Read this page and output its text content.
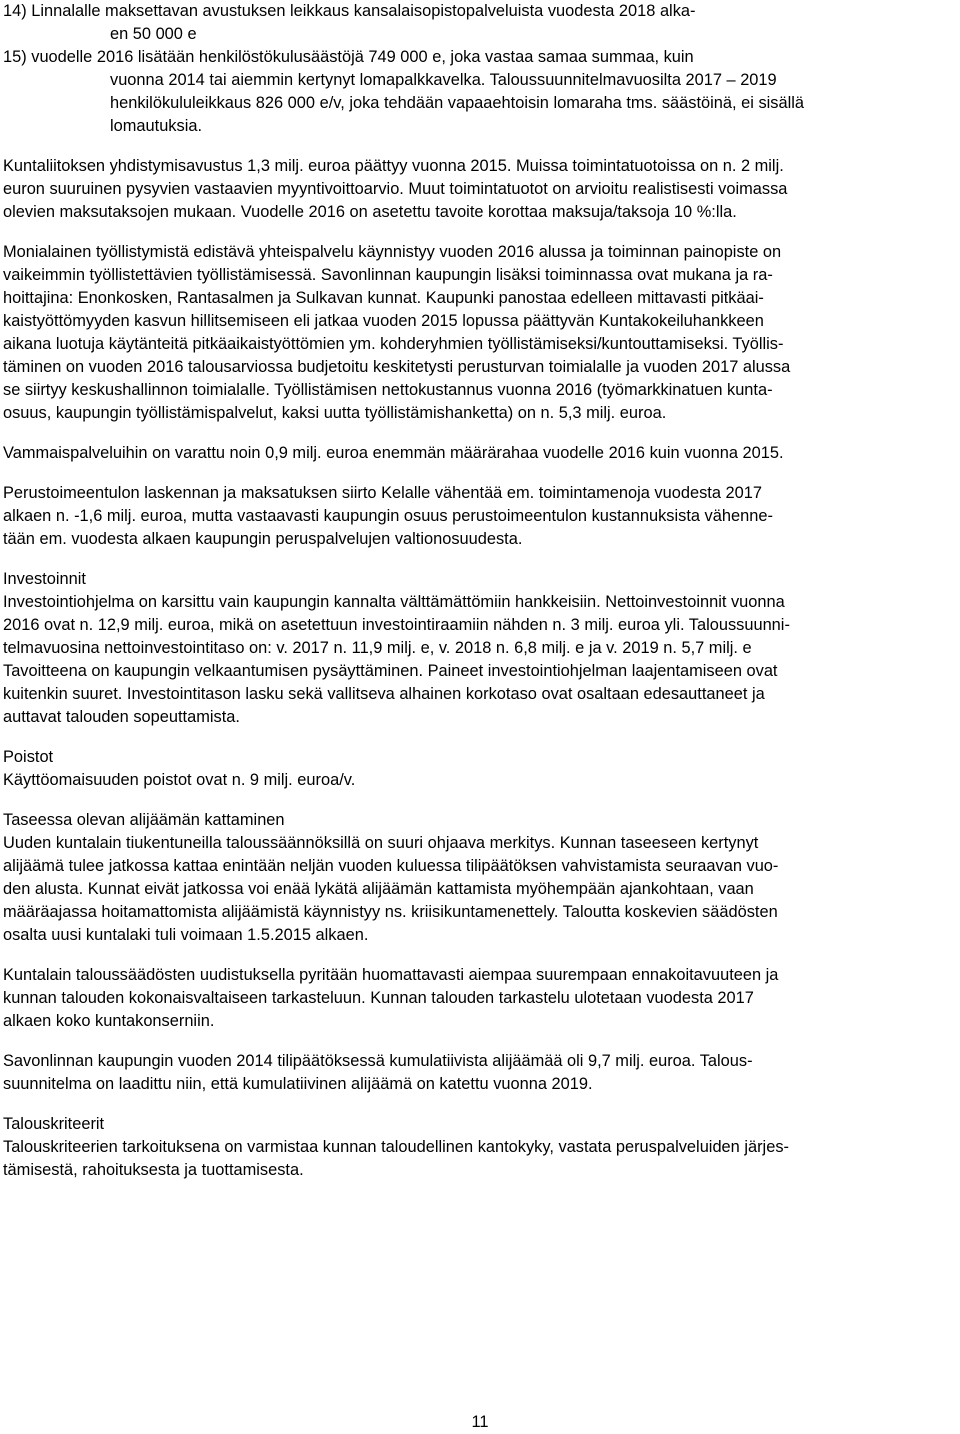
14) Linnalalle maksettavan avustuksen leikkaus kansalaisopistopalveluista vuodesta 2018 alka-
en 50 000 e
15) vuodelle 2016 lisätään henkilöstökulusäästöjä 749 000 e, joka vastaa samaa summaa, kuin
vuonna 2014 tai aiemmin kertynyt lomapalkkavelka. Taloussuunnitelmavuosilta 2017 – 2019
henkilökululeikkaus 826 000 e/v, joka tehdään vapaaehtoisin lomaraha tms. säästöinä, ei sisällä
lomautuksia.
Kuntaliitoksen yhdistymisavustus 1,3 milj. euroa päättyy vuonna 2015. Muissa toimintatuotoissa on n. 2 milj.
euron suuruinen pysyvien vastaavien myyntivoittoarvio. Muut toimintatuotot on arvioitu realistisesti voimassa
olevien maksutaksojen mukaan. Vuodelle 2016 on asetettu tavoite korottaa maksuja/taksoja 10 %:lla.
Monialainen työllistymistä edistävä yhteispalvelu käynnistyy vuoden 2016 alussa ja toiminnan painopiste on
vaikeimmin työllistettävien työllistämisessä. Savonlinnan kaupungin lisäksi toiminnassa ovat mukana ja ra-
hoittajina: Enonkosken, Rantasalmen ja Sulkavan kunnat. Kaupunki panostaa edelleen mittavasti pitkäai-
kaistyöttömyyden kasvun hillitsemiseen eli jatkaa vuoden 2015 lopussa päättyvän Kuntakokeiluhankkeen
aikana luotuja käytänteitä pitkäaikaistyöttömien ym. kohderyhmien työllistämiseksi/kuntouttamiseksi. Työllis-
täminen on vuoden 2016 talousarviossa budjetoitu keskitetysti perusturvan toimialalle ja vuoden 2017 alussa
se siirtyy keskushallinnon toimialalle. Työllistämisen nettokustannus vuonna 2016 (työmarkkinatuen kunta-
osuus, kaupungin työllistämispalvelut, kaksi uutta työllistämishanketta) on n. 5,3 milj. euroa.
Vammaispalveluihin on varattu noin 0,9 milj. euroa enemmän määrärahaa vuodelle 2016 kuin vuonna 2015.
Perustoimeentulon laskennan ja maksatuksen siirto Kelalle vähentää em. toimintamenoja vuodesta 2017
alkaen n. -1,6 milj. euroa, mutta vastaavasti kaupungin osuus perustoimeentulon kustannuksista vähenne-
tään em. vuodesta alkaen kaupungin peruspalvelujen valtionosuudesta.
Investoinnit
Investointiohjelma on karsittu vain kaupungin kannalta välttämättömiin hankkeisiin. Nettoinvestoinnit vuonna
2016 ovat n. 12,9 milj. euroa, mikä on asetettuun investointiraamiin nähden n. 3 milj. euroa yli. Taloussuunni-
telmavuosina nettoinvestointitaso on: v. 2017 n. 11,9 milj. e, v. 2018 n. 6,8 milj. e ja v. 2019 n. 5,7 milj. e
Tavoitteena on kaupungin velkaantumisen pysäyttäminen. Paineet investointiohjelman laajentamiseen ovat
kuitenkin suuret. Investointitason lasku sekä vallitseva alhainen korkotaso ovat osaltaan edesauttaneet ja
auttavat talouden sopeuttamista.
Poistot
Käyttöomaisuuden poistot ovat n. 9 milj. euroa/v.
Taseessa olevan alijäämän kattaminen
Uuden kuntalain tiukentuneilla taloussäännöksillä on suuri ohjaava merkitys. Kunnan taseeseen kertynyt
alijäämä tulee jatkossa kattaa enintään neljän vuoden kuluessa tilipäätöksen vahvistamista seuraavan vuo-
den alusta. Kunnat eivät jatkossa voi enää lykätä alijäämän kattamista myöhempään ajankohtaan, vaan
määräajassa hoitamattomista alijäämistä käynnistyy ns. kriisikuntamenettely. Taloutta koskevien säädösten
osalta uusi kuntalaki tuli voimaan 1.5.2015 alkaen.
Kuntalain taloussäädösten uudistuksella pyritään huomattavasti aiempaa suurempaan ennakoitavuuteen ja
kunnan talouden kokonaisvaltaiseen tarkasteluun. Kunnan talouden tarkastelu ulotetaan vuodesta 2017
alkaen koko kuntakonserniin.
Savonlinnan kaupungin vuoden 2014 tilipäätöksessä kumulatiivista alijäämää oli 9,7 milj. euroa. Talous-
suunnitelma on laadittu niin, että kumulatiivinen alijäämä on katettu vuonna 2019.
Talouskriteerit
Talouskriteerien tarkoituksena on varmistaa kunnan taloudellinen kantokyky, vastata peruspalveluiden järjes-
tämisestä, rahoituksesta ja tuottamisesta.
11
